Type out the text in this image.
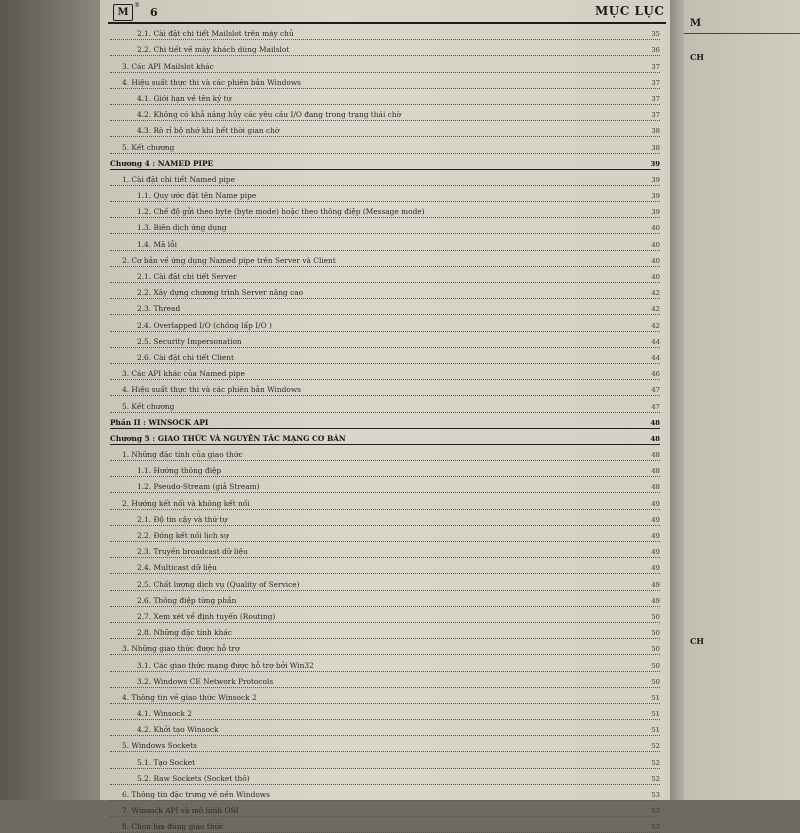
M
CH
CH
M
®
6	MỤC LỤC
2.1. Cài đặt chi tiết Mailslot trên máy chủ	35
2.2. Chi tiết về máy khách dùng Mailslot	36
3. Các API Mailslot khác	37
4. Hiệu suất thực thi và các phiên bản Windows	37
4.1. Giới hạn về tên ký tự	37
4.2. Không có khả năng hủy các yêu cầu I/O đang trong trạng thái chờ	37
4.3. Rò rỉ bộ nhớ khi hết thời gian chờ	38
5. Kết chương	38
Chương 4 : NAMED PIPE	39
1. Cài đặt chi tiết Named pipe	39
1.1. Quy ước đặt tên Name pipe	39
1.2. Chế độ gửi theo byte (byte mode) hoặc theo thông điệp (Message mode)	39
1.3. Biên dịch ứng dụng	40
1.4. Mã lỗi	40
2. Cơ bản về ứng dụng Named pipe trên Server và Client	40
2.1. Cài đặt chi tiết Server	40
2.2. Xây dựng chương trình Server nâng cao	42
2.3. Thread	42
2.4. Overlapped I/O (chồng lấp I/O )	42
2.5. Security Impersonation	44
2.6. Cài đặt chi tiết Client	44
3. Các API khác của Named pipe	46
4. Hiệu suất thực thi và các phiên bản Windows	47
5. Kết chương	47
Phần II : WINSOCK API	48
Chương 5 : GIAO THỨC VÀ NGUYÊN TẮC MẠNG CƠ BẢN	48
1. Những đặc tính của giao thức	48
1.1. Hướng thông điệp	48
1.2. Pseudo-Stream (giả Stream)	48
2. Hướng kết nối và không kết nối	49
2.1. Độ tin cậy và thứ tự	49
2.2. Đóng kết nối lịch sự	49
2.3. Truyền broadcast dữ liệu	49
2.4. Multicast dữ liệu	49
2.5. Chất lượng dịch vụ (Quality of Service)	49
2.6. Thông điệp từng phần	49
2.7. Xem xét về định tuyến (Routing)	50
2.8. Những đặc tính khác	50
3. Những giao thức được hỗ trợ	50
3.1. Các giao thức mạng được hỗ trợ bởi Win32	50
3.2. Windows CE Network Protocols	50
4. Thông tin về giao thức Winsock 2	51
4.1. Winsock 2	51
4.2. Khởi tạo Winsock	51
5. Windows Sockets	52
5.1. Tạo Socket	52
5.2. Raw Sockets (Socket thô)	52
6. Thông tin đặc trưng về nền Windows	53
7. Winsock API và mô hình OSI	53
8. Chọn lựa đúng giao thức	53
